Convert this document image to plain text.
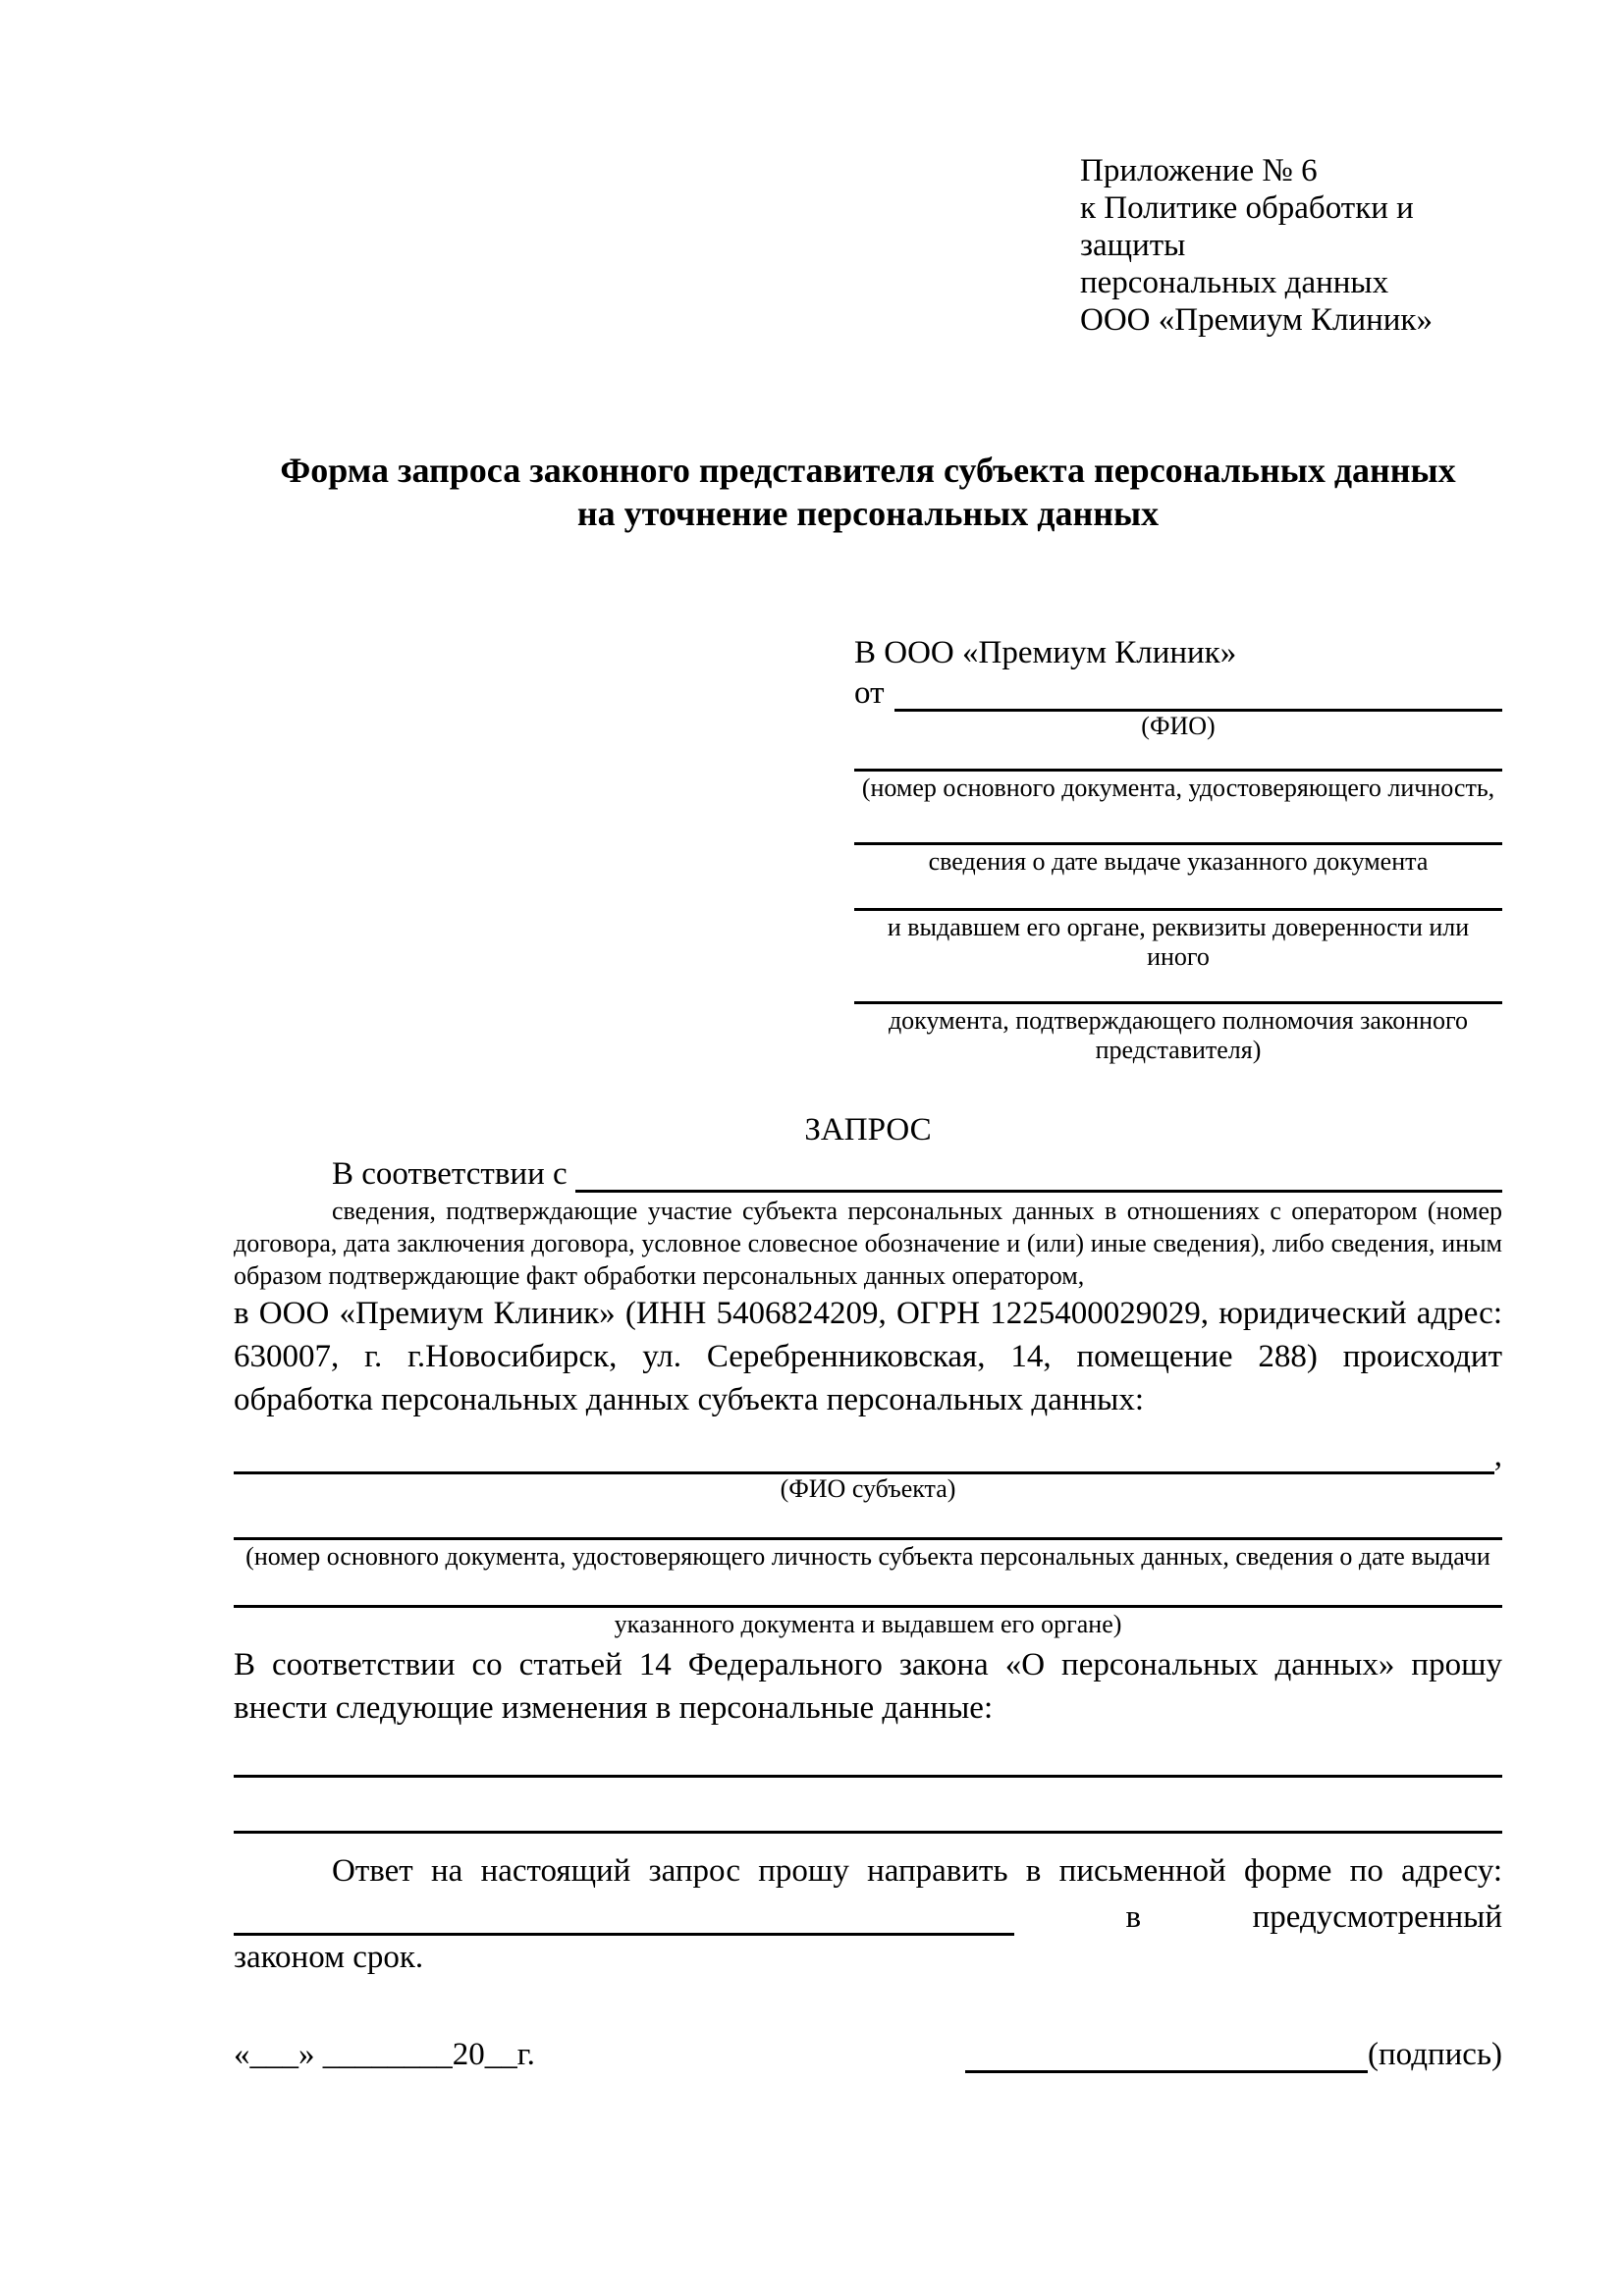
Приложение № 6
к Политике обработки и защиты
персональных данных
ООО «Премиум Клиник»
Форма запроса законного представителя субъекта персональных данных
на уточнение персональных данных
В ООО «Премиум Клиник»
от
(ФИО)
(номер основного документа, удостоверяющего личность,
сведения о дате выдаче указанного документа
и выдавшем его органе, реквизиты доверенности или иного
документа, подтверждающего полномочия законного представителя)
ЗАПРОС
В соответствии с

сведения, подтверждающие участие субъекта персональных данных в отношениях с оператором (номер договора, дата заключения договора, условное словесное обозначение и (или) иные сведения), либо сведения, иным образом подтверждающие факт обработки персональных данных оператором,

в ООО «Премиум Клиник» (ИНН 5406824209, ОГРН 1225400029029, юридический адрес: 630007, г. г.Новосибирск, ул. Серебренниковская, 14, помещение 288) происходит обработка персональных данных субъекта персональных данных:

,
(ФИО субъекта)
(номер основного документа, удостоверяющего личность субъекта персональных данных, сведения о дате выдачи
указанного документа и выдавшем его органе)

В соответствии со статьей 14 Федерального закона «О персональных данных» прошу внести следующие изменения в персональные данные:

Ответ на настоящий запрос прошу направить в письменной форме по адресу:

в	предусмотренный

законом срок.

«___» ________20__г.	(подпись)
